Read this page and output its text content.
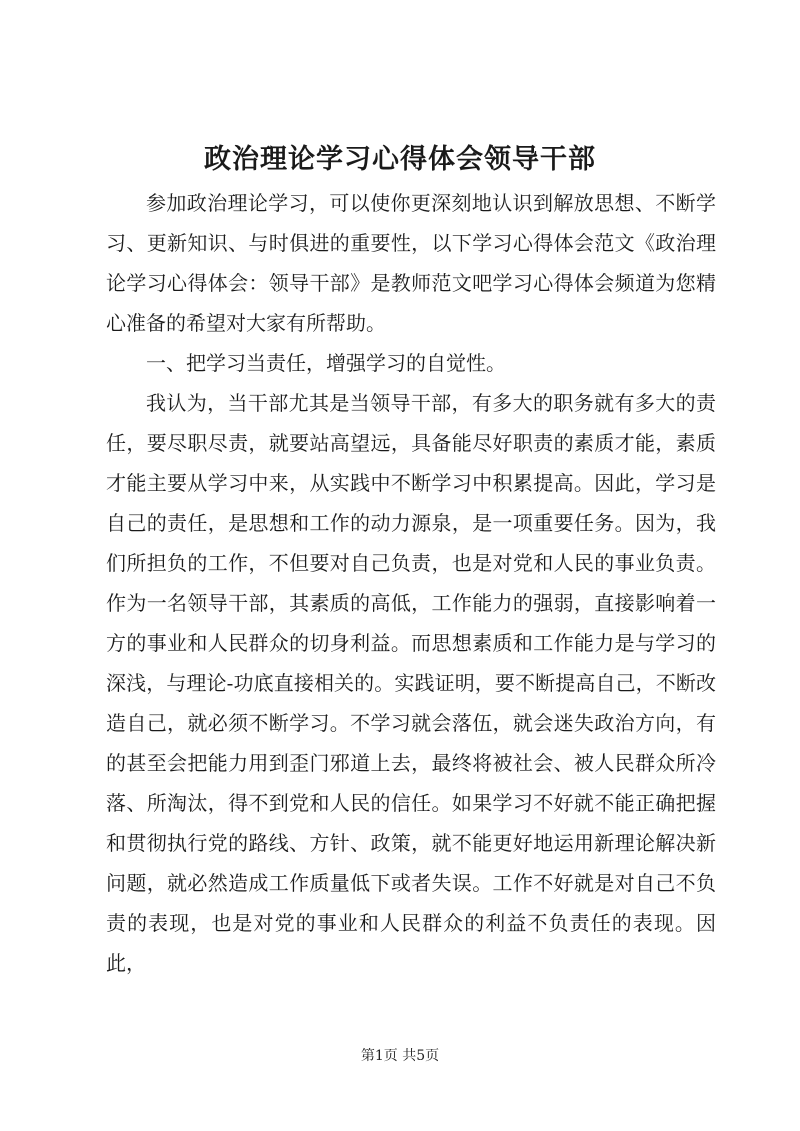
政治理论学习心得体会领导干部

参加政治理论学习，可以使你更深刻地认识到解放思想、不断学习、更新知识、与时俱进的重要性，以下学习心得体会范文《政治理论学习心得体会：领导干部》是教师范文吧学习心得体会频道为您精心准备的希望对大家有所帮助。

一、把学习当责任，增强学习的自觉性。

我认为，当干部尤其是当领导干部，有多大的职务就有多大的责任，要尽职尽责，就要站高望远，具备能尽好职责的素质才能，素质才能主要从学习中来，从实践中不断学习中积累提高。因此，学习是自己的责任，是思想和工作的动力源泉，是一项重要任务。因为，我们所担负的工作，不但要对自己负责，也是对党和人民的事业负责。作为一名领导干部，其素质的高低，工作能力的强弱，直接影响着一方的事业和人民群众的切身利益。而思想素质和工作能力是与学习的深浅，与理论-功底直接相关的。实践证明，要不断提高自己，不断改造自己，就必须不断学习。不学习就会落伍，就会迷失政治方向，有的甚至会把能力用到歪门邪道上去，最终将被社会、被人民群众所冷落、所淘汰，得不到党和人民的信任。如果学习不好就不能正确把握和贯彻执行党的路线、方针、政策，就不能更好地运用新理论解决新问题，就必然造成工作质量低下或者失误。工作不好就是对自己不负责的表现，也是对党的事业和人民群众的利益不负责任的表现。因此，

第1页 共5页
